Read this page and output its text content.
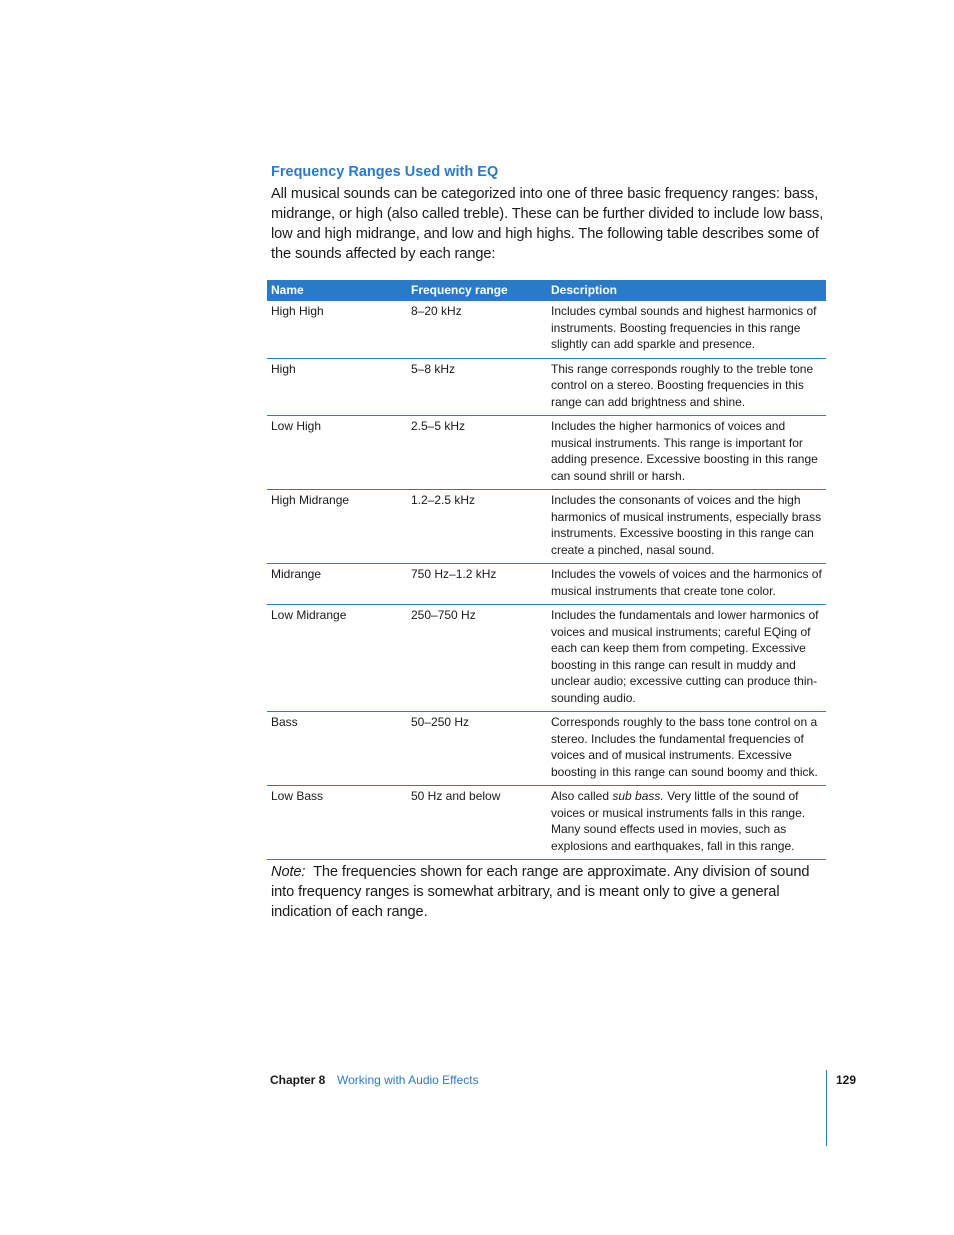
Frequency Ranges Used with EQ

All musical sounds can be categorized into one of three basic frequency ranges: bass, midrange, or high (also called treble). These can be further divided to include low bass, low and high midrange, and low and high highs. The following table describes some of the sounds affected by each range:

Name	Frequency range	Description
High High	8–20 kHz	Includes cymbal sounds and highest harmonics of instruments. Boosting frequencies in this range slightly can add sparkle and presence.
High	5–8 kHz	This range corresponds roughly to the treble tone control on a stereo. Boosting frequencies in this range can add brightness and shine.
Low High	2.5–5 kHz	Includes the higher harmonics of voices and musical instruments. This range is important for adding presence. Excessive boosting in this range can sound shrill or harsh.
High Midrange	1.2–2.5 kHz	Includes the consonants of voices and the high harmonics of musical instruments, especially brass instruments. Excessive boosting in this range can create a pinched, nasal sound.
Midrange	750 Hz–1.2 kHz	Includes the vowels of voices and the harmonics of musical instruments that create tone color.
Low Midrange	250–750 Hz	Includes the fundamentals and lower harmonics of voices and musical instruments; careful EQing of each can keep them from competing. Excessive boosting in this range can result in muddy and unclear audio; excessive cutting can produce thin-sounding audio.
Bass	50–250 Hz	Corresponds roughly to the bass tone control on a stereo. Includes the fundamental frequencies of voices and of musical instruments. Excessive boosting in this range can sound boomy and thick.
Low Bass	50 Hz and below	Also called sub bass. Very little of the sound of voices or musical instruments falls in this range. Many sound effects used in movies, such as explosions and earthquakes, fall in this range.

Note: The frequencies shown for each range are approximate. Any division of sound into frequency ranges is somewhat arbitrary, and is meant only to give a general indication of each range.

Chapter 8 Working with Audio Effects	129
